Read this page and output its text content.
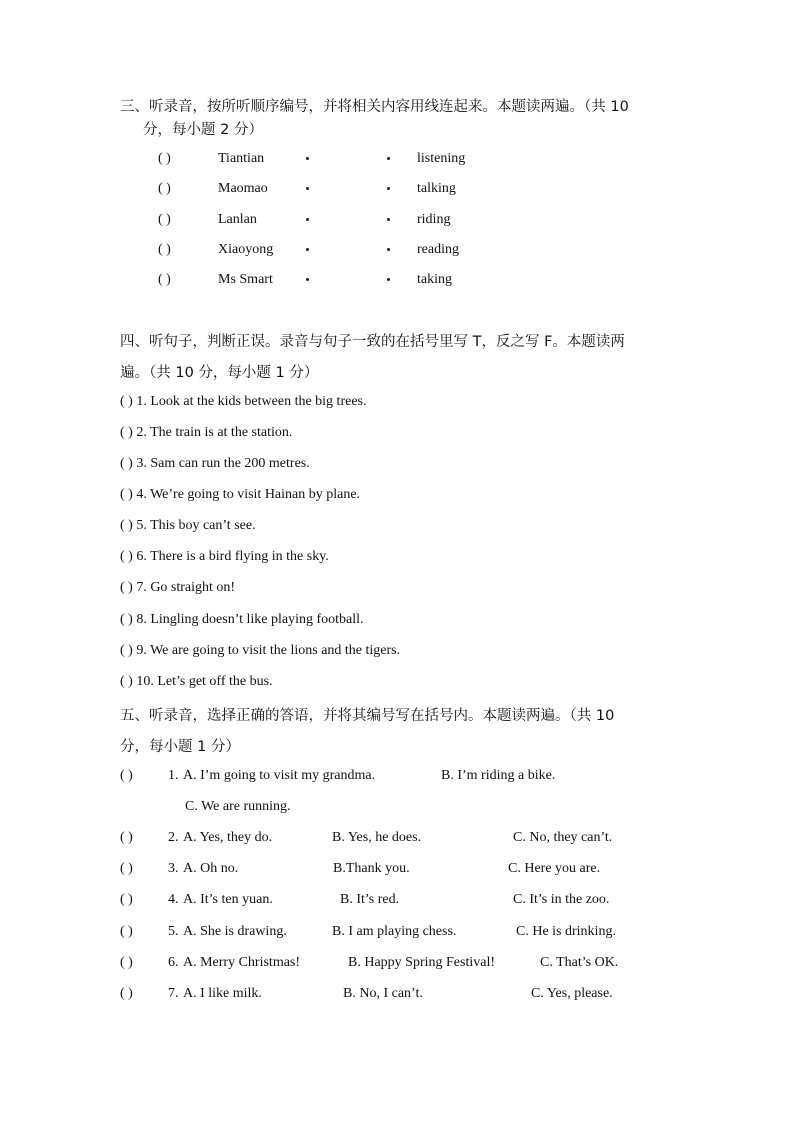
三、听录音，按所听顺序编号，并将相关内容用线连起来。本题读两遍。（共 10
分，每小题 2 分）
( )	Tiantian	listening
( )	Maomao	talking
( )	Lanlan	riding
( )	Xiaoyong	reading
( )	Ms Smart	taking
四、听句子，判断正误。录音与句子一致的在括号里写 T，反之写 F。本题读两
遍。（共 10 分，每小题 1 分）
( ) 1. Look at the kids between the big trees.
( ) 2. The train is at the station.
( ) 3. Sam can run the 200 metres.
( ) 4. We’re going to visit Hainan by plane.
( ) 5. This boy can’t see.
( ) 6. There is a bird flying in the sky.
( ) 7. Go straight on!
( ) 8. Lingling doesn’t like playing football.
( ) 9. We are going to visit the lions and the tigers.
( ) 10. Let’s get off the bus.
五、听录音，选择正确的答语，并将其编号写在括号内。本题读两遍。（共 10
分，每小题 1 分）
( )	1. A. I’m going to visit my grandma.	B. I’m riding a bike.
C. We are running.
( )	2. A. Yes, they do.	B. Yes, he does.	C. No, they can’t.
( )	3. A. Oh no.	B.Thank you.	C. Here you are.
( )	4. A. It’s ten yuan.	B. It’s red.	C. It’s in the zoo.
( )	5. A. She is drawing.	B. I am playing chess.	C. He is drinking.
( )	6. A. Merry Christmas!	B. Happy Spring Festival!	C. That’s OK.
( )	7. A. I like milk.	B. No, I can’t.	C. Yes, please.
